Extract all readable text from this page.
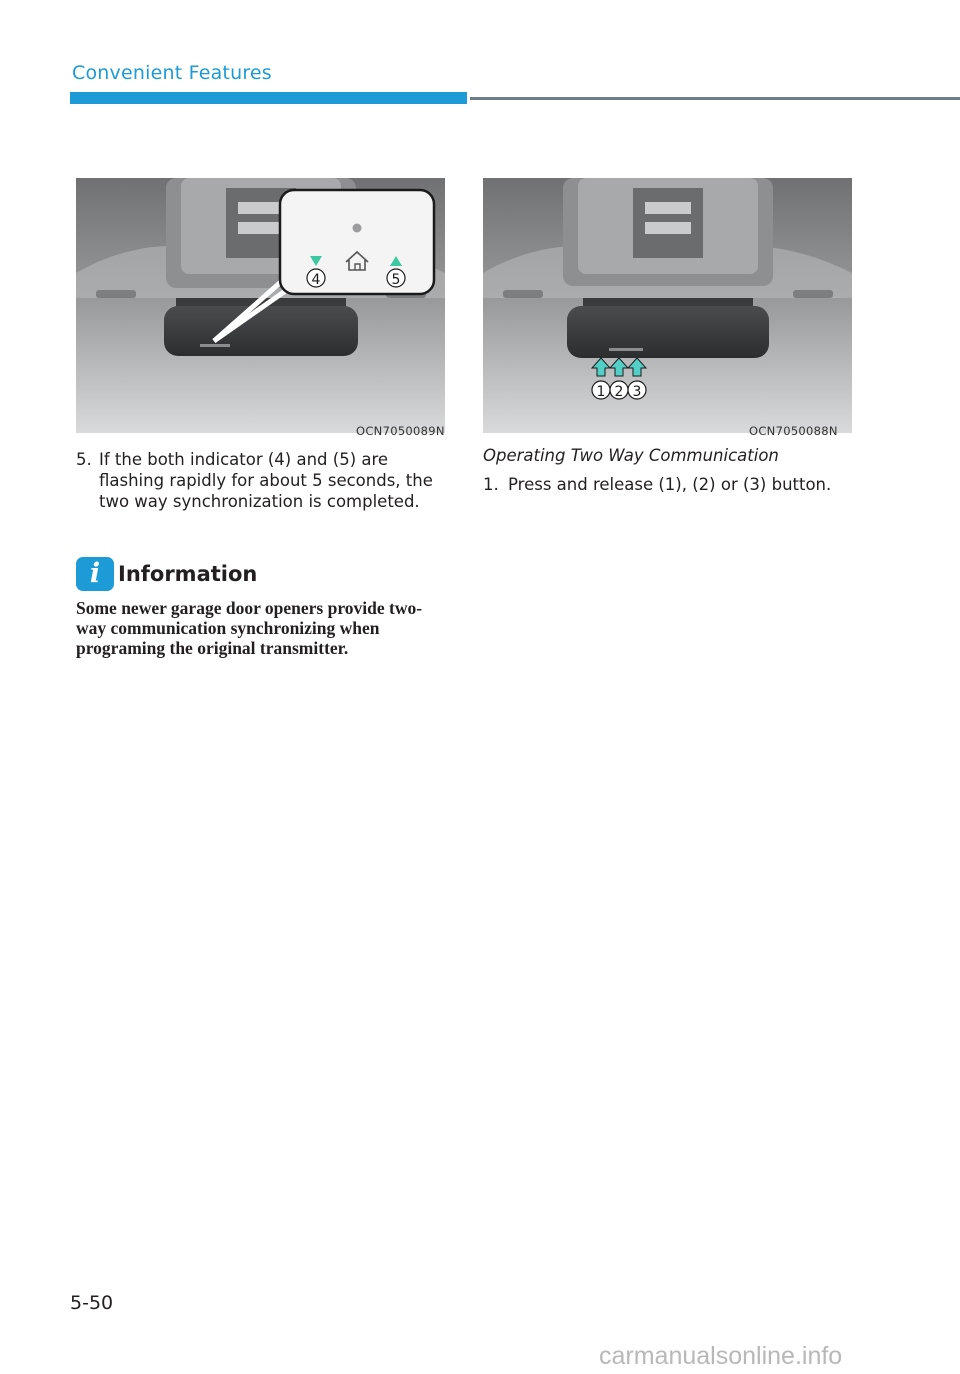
Convenient Features
4	5
OCN7050089N
1 2 3
OCN7050088N
5. If the both indicator (4) and (5) are flashing rapidly for about 5 seconds, the two way synchronization is completed.
i Information
Some newer garage door openers provide two-way communication synchronizing when programing the original transmitter.
Operating Two Way Communication
1. Press and release (1), (2) or (3) button.
5-50
carmanualsonline.info
